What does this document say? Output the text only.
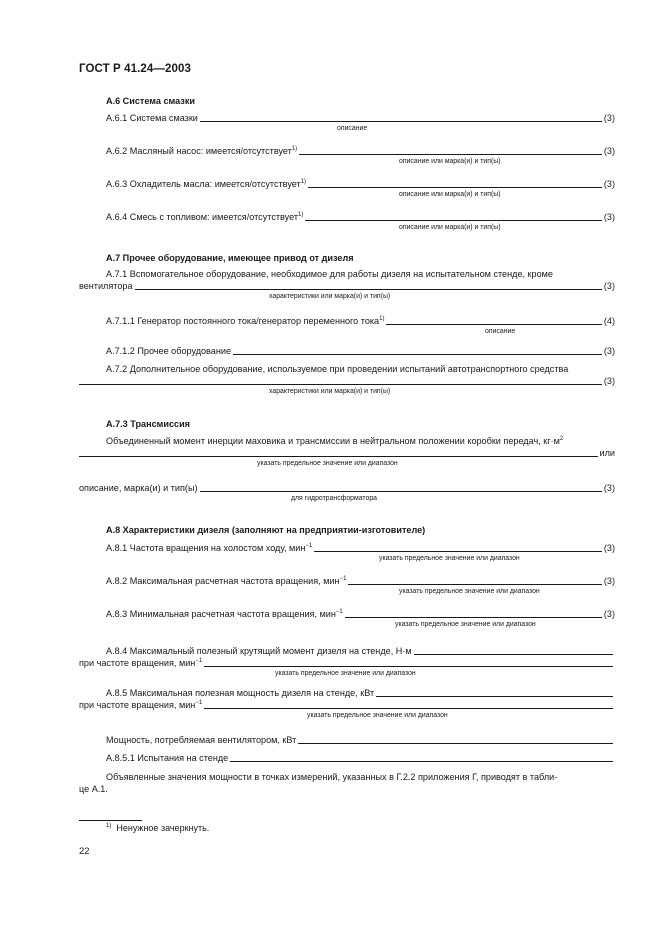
ГОСТ Р 41.24—2003
А.6 Система смазки
А.6.1 Система смазки	(3)
описание
А.6.2 Масляный насос: имеется/отсутствует$^{1)}$	(3)
описание или марка(и) и тип(ы)
А.6.3 Охладитель масла: имеется/отсутствует$^{1)}$	(3)
описание или марка(и) и тип(ы)
А.6.4 Смесь с топливом: имеется/отсутствует$^{1)}$	(3)
описание или марка(и) и тип(ы)
А.7 Прочее оборудование, имеющее привод от дизеля
А.7.1 Вспомогательное оборудование, необходимое для работы дизеля на испытательном стенде, кроме
вентилятора	(3)
характеристики или марка(и) и тип(ы)
А.7.1.1 Генератор постоянного тока/генератор переменного тока$^{1)}$	(4)
описание
А.7.1.2 Прочее оборудование	(3)
А.7.2 Дополнительное оборудование, используемое при проведении испытаний автотранспортного средства
(3)
характеристики или марка(и) и тип(ы)
А.7.3 Трансмиссия
Объединенный момент инерции маховика и трансмиссии в нейтральном положении коробки передач, $кг\cdot м^2$
или
указать предельное значение или диапазон
описание, марка(и) и тип(ы)	(3)
для гидротрансформатора
А.8 Характеристики дизеля (заполняют на предприятии-изготовителе)
А.8.1 Частота вращения на холостом ходу, мин$^{-1}$	(3)
указать предельное значение или диапазон
А.8.2 Максимальная расчетная частота вращения, мин$^{-1}$	(3)
указать предельное значение или диапазон
А.8.3 Минимальная расчетная частота вращения, мин$^{-1}$	(3)
указать предельное значение или диапазон
А.8.4 Максимальный полезный крутящий момент дизеля на стенде, Н·м
при частоте вращения, мин$^{-1}$
указать предельное значение или диапазон
А.8.5 Максимальная полезная мощность дизеля на стенде, кВт
при частоте вращения, мин$^{-1}$
указать предельное значение или диапазон
Мощность, потребляемая вентилятором, кВт
А.8.5.1 Испытания на стенде
Объявленные значения мощности в точках измерений, указанных в Г.2.2 приложения Г, приводят в табли-
це А.1.
$^{1)}$ Ненужное зачеркнуть.
22
